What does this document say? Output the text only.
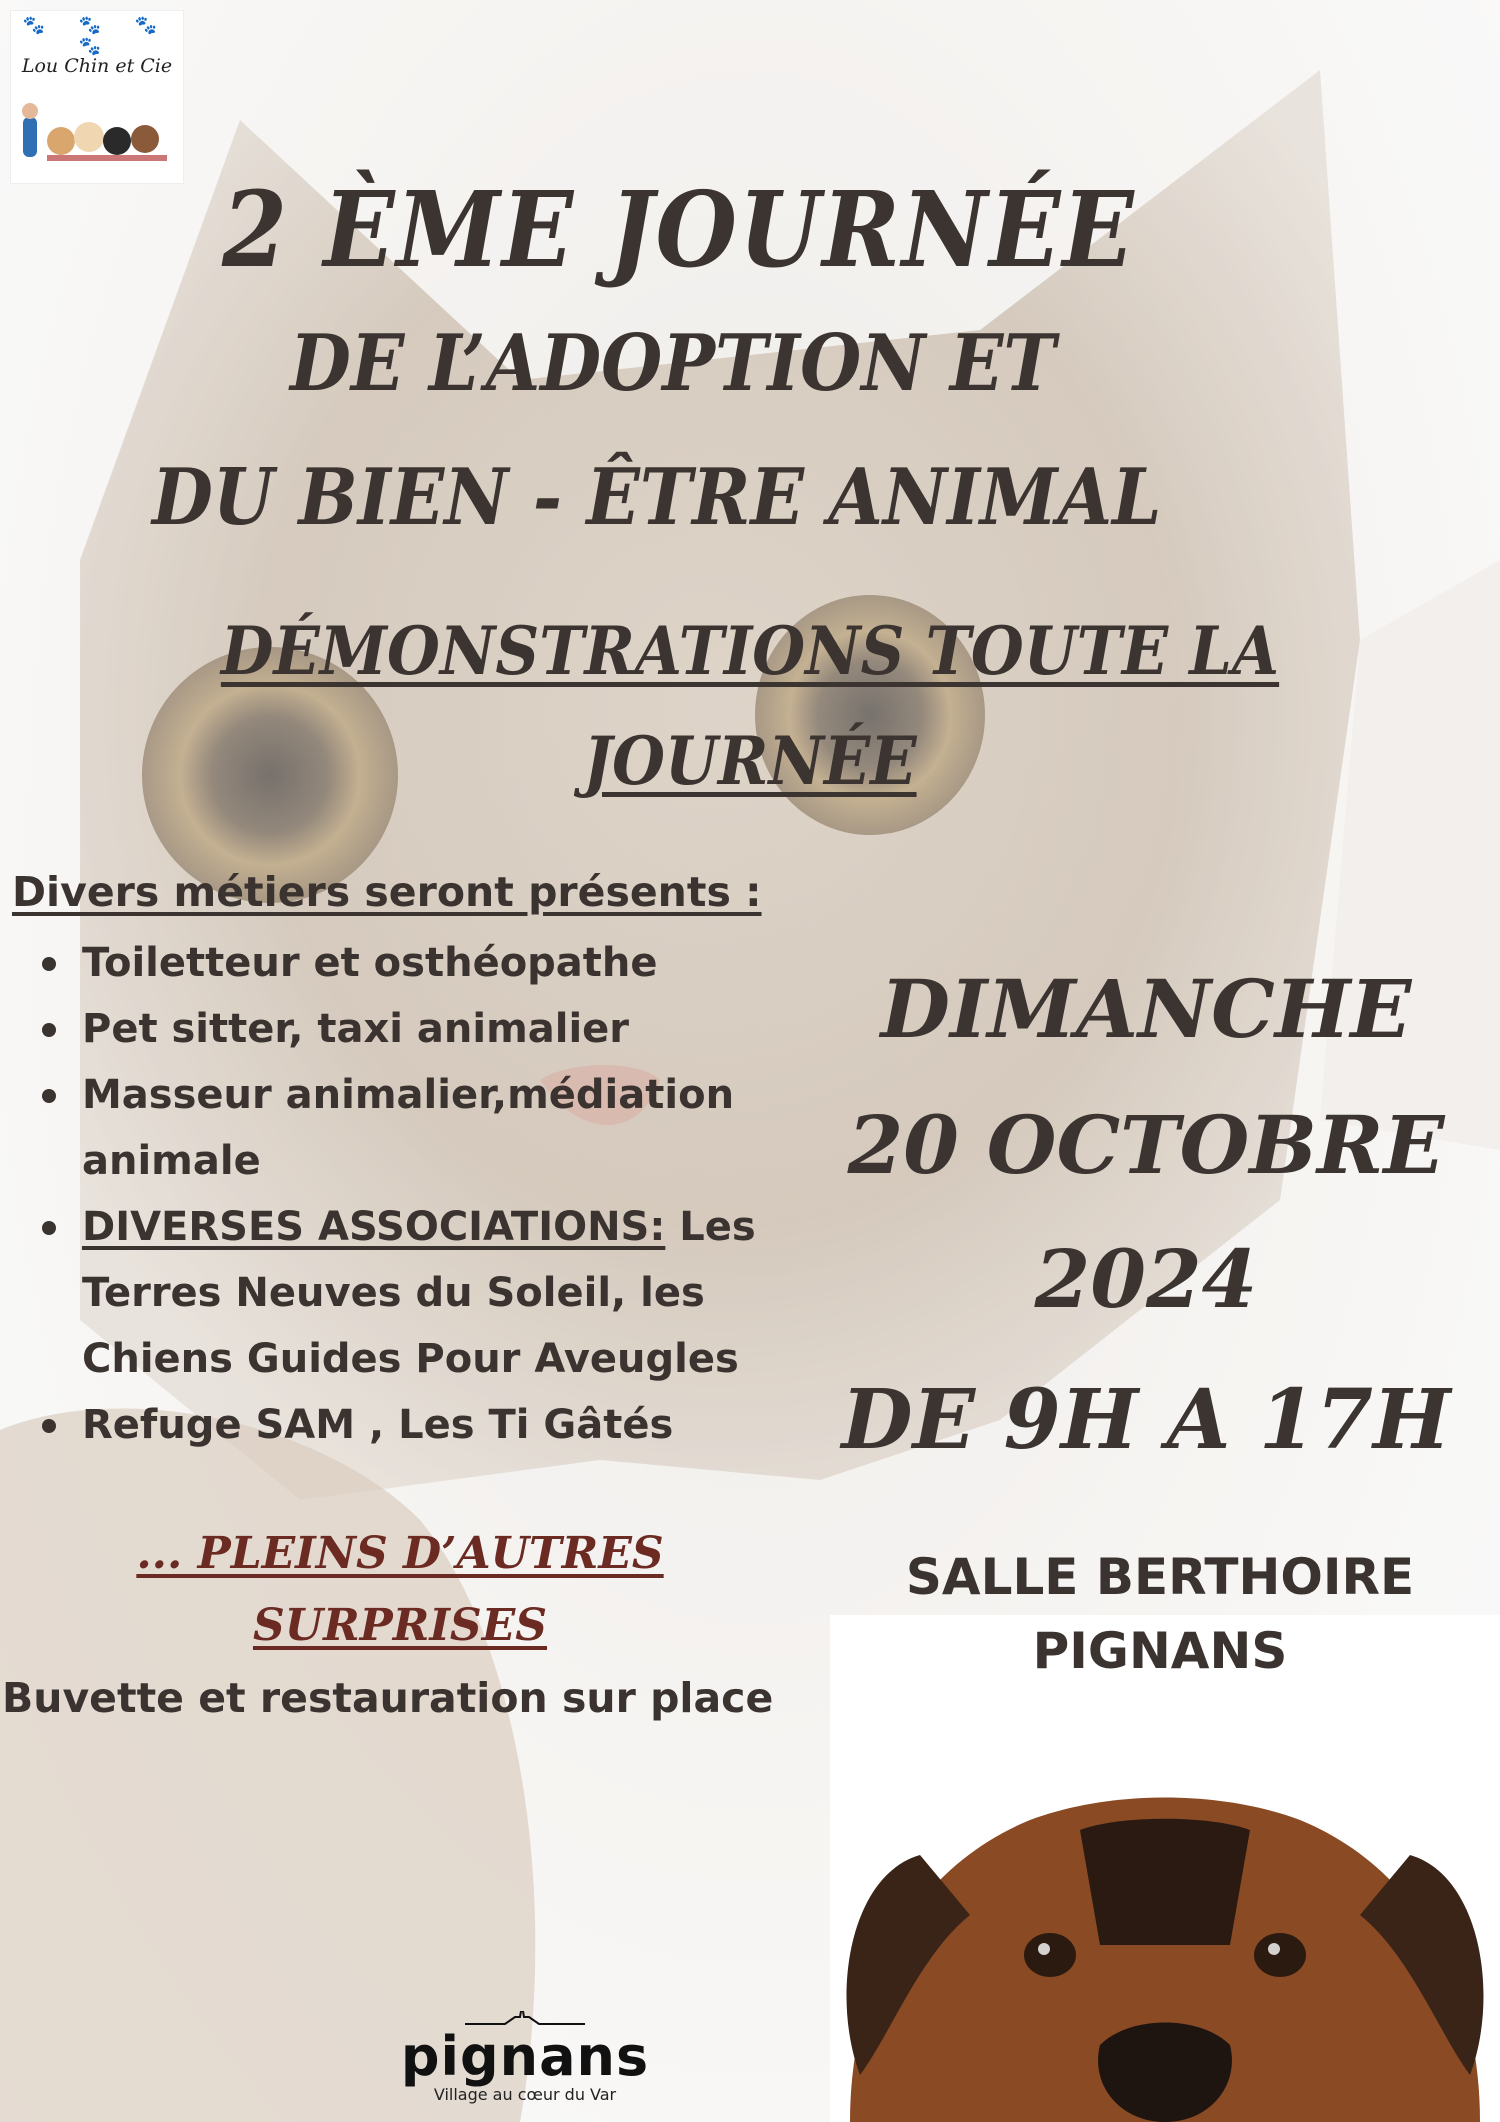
🐾 🐾 🐾 🐾
Lou Chin et Cie
2 ÈME JOURNÉE
DE L’ADOPTION ET
DU BIEN - ÊTRE ANIMAL

DÉMONSTRATIONS TOUTE LA

JOURNÉE

Divers métiers seront présents :

Toiletteur et osthéopathe
Pet sitter, taxi animalier
Masseur animalier,médiation animale
DIVERSES ASSOCIATIONS: Les Terres Neuves du Soleil, les Chiens Guides Pour Aveugles
Refuge SAM , Les Ti Gâtés

DIMANCHE

20 OCTOBRE

2024

DE 9H A 17H

... PLEINS D’AUTRES

SURPRISES

Buvette et restauration sur place

SALLE BERTHOIRE

PIGNANS

pignans
Village au cœur du Var
